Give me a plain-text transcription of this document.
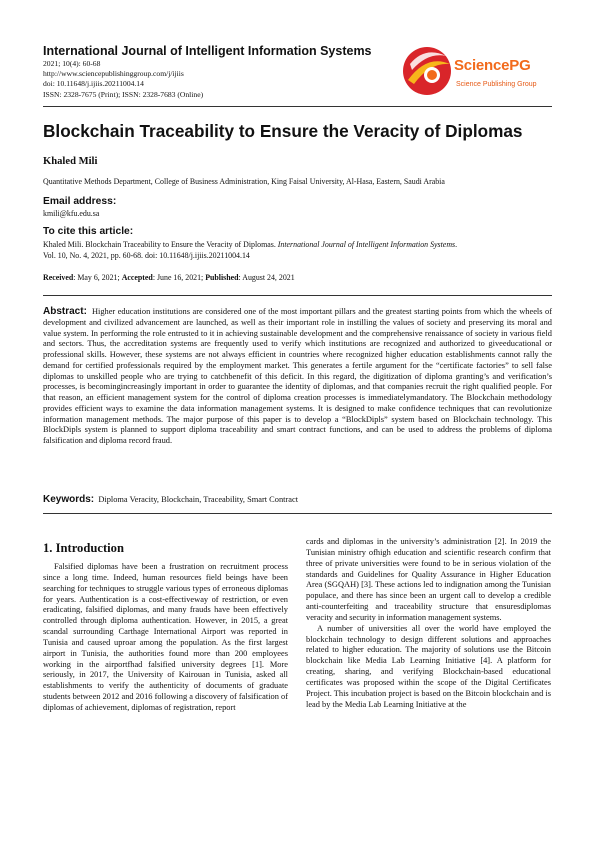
International Journal of Intelligent Information Systems
2021; 10(4): 60-68
http://www.sciencepublishinggroup.com/j/ijiis
doi: 10.11648/j.ijiis.20211004.14
ISSN: 2328-7675 (Print); ISSN: 2328-7683 (Online)
SciencePG
Science Publishing Group
Blockchain Traceability to Ensure the Veracity of Diplomas
Khaled Mili
Quantitative Methods Department, College of Business Administration, King Faisal University, Al-Hasa, Eastern, Saudi Arabia
Email address:
kmili@kfu.edu.sa
To cite this article:
Khaled Mili. Blockchain Traceability to Ensure the Veracity of Diplomas. International Journal of Intelligent Information Systems.
Vol. 10, No. 4, 2021, pp. 60-68. doi: 10.11648/j.ijiis.20211004.14
Received: May 6, 2021; Accepted: June 16, 2021; Published: August 24, 2021
Abstract: Higher education institutions are considered one of the most important pillars and the greatest starting points from which the wheels of development and civilized advancement are launched, as well as their important role in instilling the values of society and preserving its moral and value system. In performing the role entrusted to it in achieving sustainable development and the comprehensive renaissance of society in various field and sectors. Thus, the accreditation systems are frequently used to verify which institutions are recognized and authorized to giveeducational or professional skills. However, these systems are not always efficient in countries where recognized higher education establishments cannot rally the demand for certified professionals required by the employment market. This generates a fertile argument for the “certificate factories” to sell false diplomas to unskilled people who are trying to catchbenefit of this deficit. In this regard, the digitization of diploma granting’s and verification’s processes, is becomingincreasingly important in order to guarantee the identity of diplomas, and that companies recruit the right qualified people. For that reason, an efficient management system for the control of diploma creation processes is immediatelymandatory. The Blockchain methodology provides efficient ways to examine the data information management systems. It is designed to make confidence techniques that can revolutionize information management methods. The major purpose of this paper is to develop a “BlockDipls” system based on Blockchain technology. This BlockDipls system is planned to support diploma traceability and smart contract functions, and can be used to address the problems of diploma falsification and diploma record fraud.
Keywords: Diploma Veracity, Blockchain, Traceability, Smart Contract
1. Introduction

Falsified diplomas have been a frustration on recruitment process since a long time. Indeed, human resources field beings have been searching for techniques to struggle various types of erroneous diplomas for years. Authentication is a cost-effectiveway of restriction, or even eradicating, falsified diplomas, and many frauds have been effectively controlled through diploma authentication. However, in 2015, a great scandal surrounding Carthage International Airport was reported in Tunisia and caused uproar among the population. As the first largest airport in Tunisia, the authorities found more than 200 employees working in the airportfhad falsified university degrees [1]. More seriously, in 2017, the University of Kairouan in Tunisia, asked all establishments to verify the authenticity of documents of graduate students between 2012 and 2016 following a discovery of falsification of diplomas of achievement, diplomas of registration, report

cards and diplomas in the university’s administration [2]. In 2019 the Tunisian ministry ofhigh education and scientific research confirm that three of private universities were found to be in serious violation of the standards and Guidelines for Quality Assurance in Higher Education Area (SGQAH) [3]. These actions led to indignation among the Tunisian populace, and there has since been an urgent call to develop a credible anti-counterfeiting and traceability structure that ensuresdiplomas veracity and security in information management systems.

A number of universities all over the world have employed the blockchain technology to design different solutions and approaches related to higher education. The majority of solutions use the Bitcoin blockchain like Media Lab Learning Initiative [4]. A platform for creating, sharing, and verifying Blockchain-based educational certificates was proposed within the scope of the Digital Certificates Project. This incubation project is based on the Bitcoin blockchain and is lead by the Media Lab Learning Initiative at the
